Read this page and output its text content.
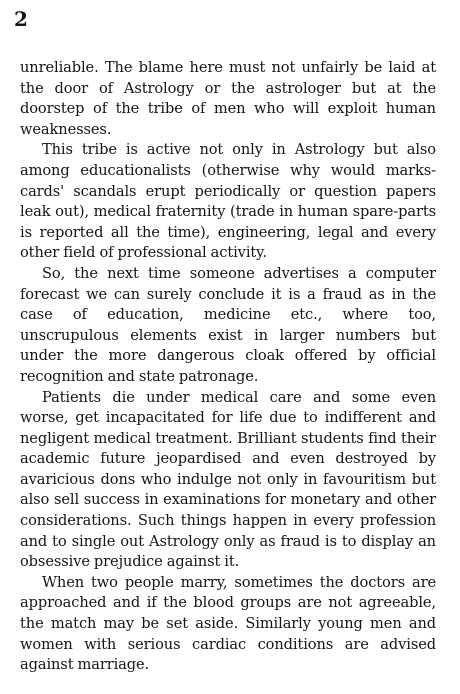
2

unreliable. The blame here must not unfairly be laid at the door of Astrology or the astrologer but at the doorstep of the tribe of men who will exploit human weaknesses.

This tribe is active not only in Astrology but also among educationalists (otherwise why would marks-cards' scandals erupt periodically or question papers leak out), medical fraternity (trade in human spare-parts is reported all the time), engineering, legal and every other field of professional activity.

So, the next time someone advertises a computer forecast we can surely conclude it is a fraud as in the case of education, medicine etc., where too, unscrupulous elements exist in larger numbers but under the more dangerous cloak offered by official recognition and state patronage.

Patients die under medical care and some even worse, get incapacitated for life due to indifferent and negligent medical treatment. Brilliant students find their academic future jeopardised and even destroyed by avaricious dons who indulge not only in favouritism but also sell success in examinations for monetary and other considerations. Such things happen in every profession and to single out Astrology only as fraud is to display an obsessive prejudice against it.

When two people marry, sometimes the doctors are approached and if the blood groups are not agreeable, the match may be set aside. Similarly young men and women with serious cardiac conditions are advised against marriage.
